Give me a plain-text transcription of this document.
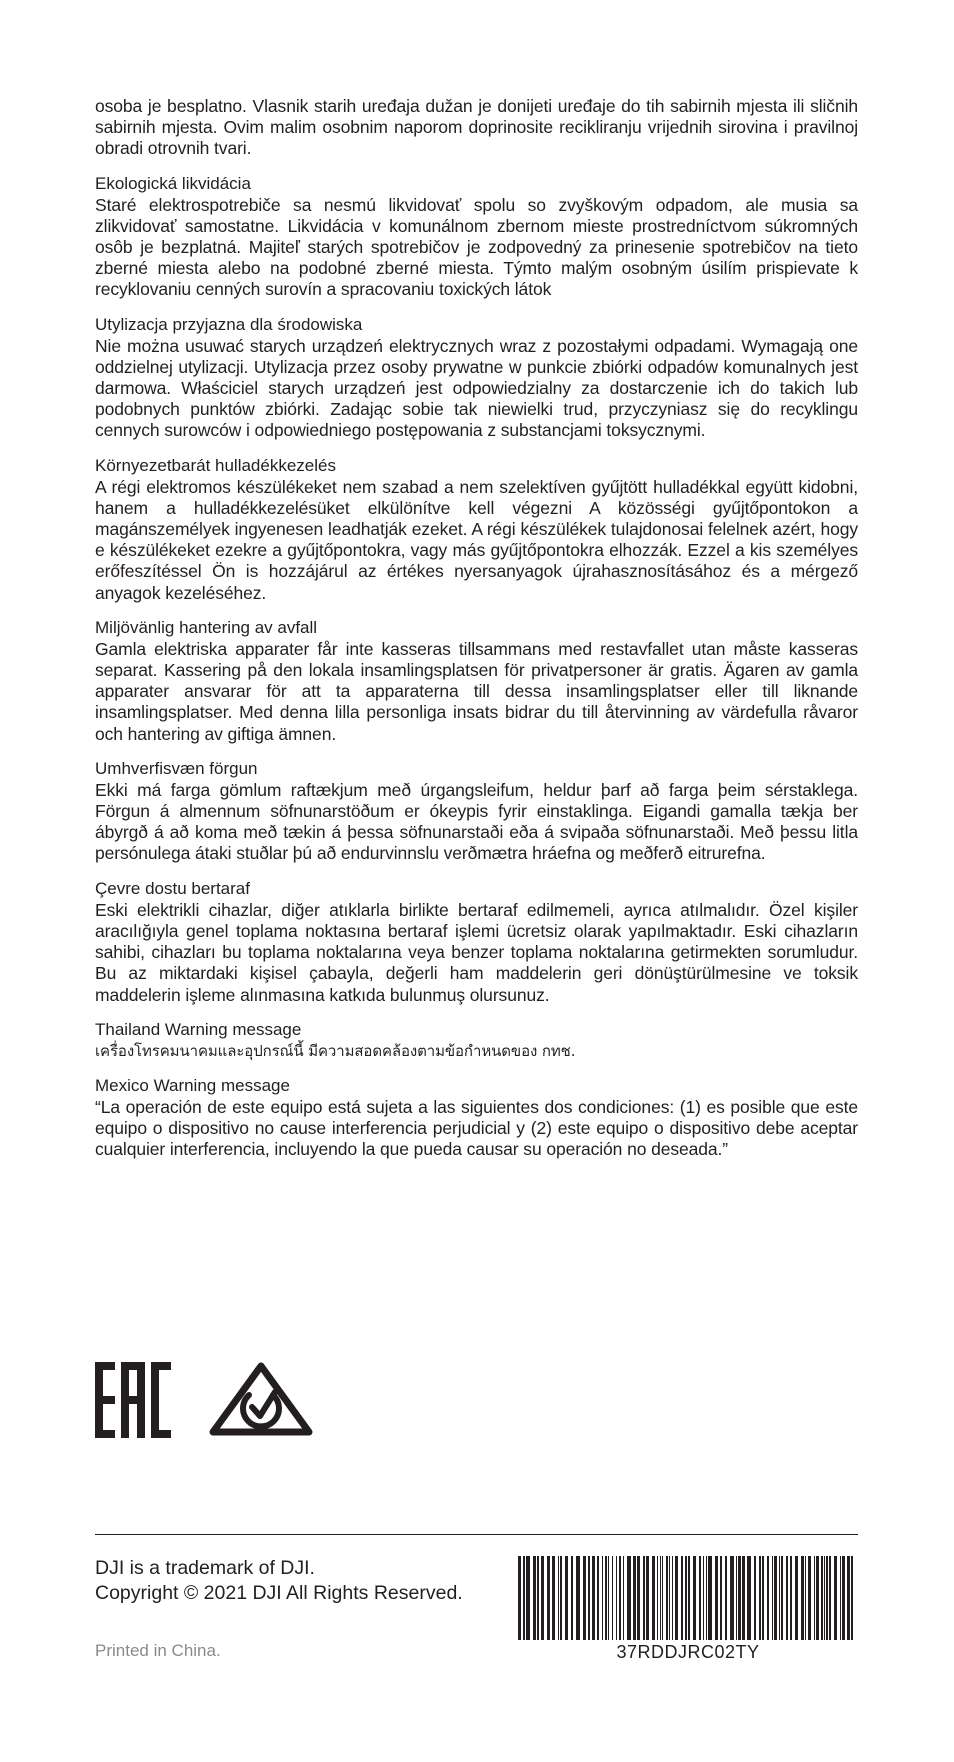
osoba je besplatno. Vlasnik starih uređaja dužan je donijeti uređaje do tih sabirnih mjesta ili sličnih sabirnih mjesta. Ovim malim osobnim naporom doprinosite recikliranju vrijednih sirovina i pravilnoj obradi otrovnih tvari.
Ekologická likvidácia
Staré elektrospotrebiče sa nesmú likvidovať spolu so zvyškovým odpadom, ale musia sa zlikvidovať samostatne. Likvidácia v komunálnom zbernom mieste prostredníctvom súkromných osôb je bezplatná. Majiteľ starých spotrebičov je zodpovedný za prinesenie spotrebičov na tieto zberné miesta alebo na podobné zberné miesta. Týmto malým osobným úsilím prispievate k recyklovaniu cenných surovín a spracovaniu toxických látok
Utylizacja przyjazna dla środowiska
Nie można usuwać starych urządzeń elektrycznych wraz z pozostałymi odpadami. Wymagają one oddzielnej utylizacji. Utylizacja przez osoby prywatne w punkcie zbiórki odpadów komunalnych jest darmowa. Właściciel starych urządzeń jest odpowiedzialny za dostarczenie ich do takich lub podobnych punktów zbiórki. Zadając sobie tak niewielki trud, przyczyniasz się do recyklingu cennych surowców i odpowiedniego postępowania z substancjami toksycznymi.
Környezetbarát hulladékkezelés
A régi elektromos készülékeket nem szabad a nem szelektíven gyűjtött hulladékkal együtt kidobni, hanem a hulladékkezelésüket elkülönítve kell végezni A közösségi gyűjtőpontokon a magánszemélyek ingyenesen leadhatják ezeket. A régi készülékek tulajdonosai felelnek azért, hogy e készülékeket ezekre a gyűjtőpontokra, vagy más gyűjtőpontokra elhozzák. Ezzel a kis személyes erőfeszítéssel Ön is hozzájárul az értékes nyersanyagok újrahasznosításához és a mérgező anyagok kezeléséhez.
Miljövänlig hantering av avfall
Gamla elektriska apparater får inte kasseras tillsammans med restavfallet utan måste kasseras separat. Kassering på den lokala insamlingsplatsen för privatpersoner är gratis. Ägaren av gamla apparater ansvarar för att ta apparaterna till dessa insamlingsplatser eller till liknande insamlingsplatser. Med denna lilla personliga insats bidrar du till återvinning av värdefulla råvaror och hantering av giftiga ämnen.
Umhverfisvæn förgun
Ekki má farga gömlum raftækjum með úrgangsleifum, heldur þarf að farga þeim sérstaklega. Förgun á almennum söfnunarstöðum er ókeypis fyrir einstaklinga. Eigandi gamalla tækja ber ábyrgð á að koma með tækin á þessa söfnunarstaði eða á svipaða söfnunarstaði. Með þessu litla persónulega átaki stuðlar þú að endurvinnslu verðmætra hráefna og meðferð eitrurefna.
Çevre dostu bertaraf
Eski elektrikli cihazlar, diğer atıklarla birlikte bertaraf edilmemeli, ayrıca atılmalıdır. Özel kişiler aracılığıyla genel toplama noktasına bertaraf işlemi ücretsiz olarak yapılmaktadır. Eski cihazların sahibi, cihazları bu toplama noktalarına veya benzer toplama noktalarına getirmekten sorumludur. Bu az miktardaki kişisel çabayla, değerli ham maddelerin geri dönüştürülmesine ve toksik maddelerin işleme alınmasına katkıda bulunmuş olursunuz.
Thailand Warning message
เครื่องโทรคมนาคมและอุปกรณ์นี้ มีความสอดคล้องตามข้อกำหนดของ กทช.
Mexico Warning message
“La operación de este equipo está sujeta a las siguientes dos condiciones: (1) es posible que este equipo o dispositivo no cause interferencia perjudicial y (2) este equipo o dispositivo debe aceptar cualquier interferencia, incluyendo la que pueda causar su operación no deseada.”
DJI is a trademark of DJI.
Copyright © 2021 DJI All Rights Reserved.
Printed in China.	37RDDJRC02TY
